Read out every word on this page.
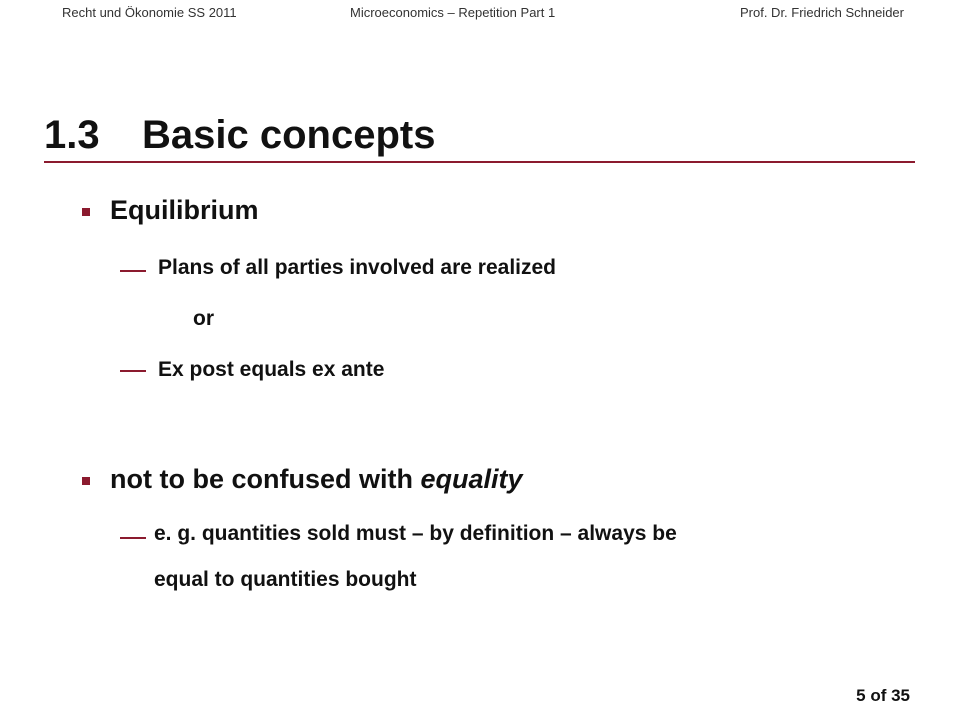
Recht und Ökonomie SS 2011	Microeconomics – Repetition Part 1	Prof. Dr. Friedrich Schneider
1.3 Basic concepts
Equilibrium
Plans of all parties involved are realized
or
Ex post equals ex ante
not to be confused with equality
e. g. quantities sold must – by definition – always be
equal to quantities bought
5 of 35
